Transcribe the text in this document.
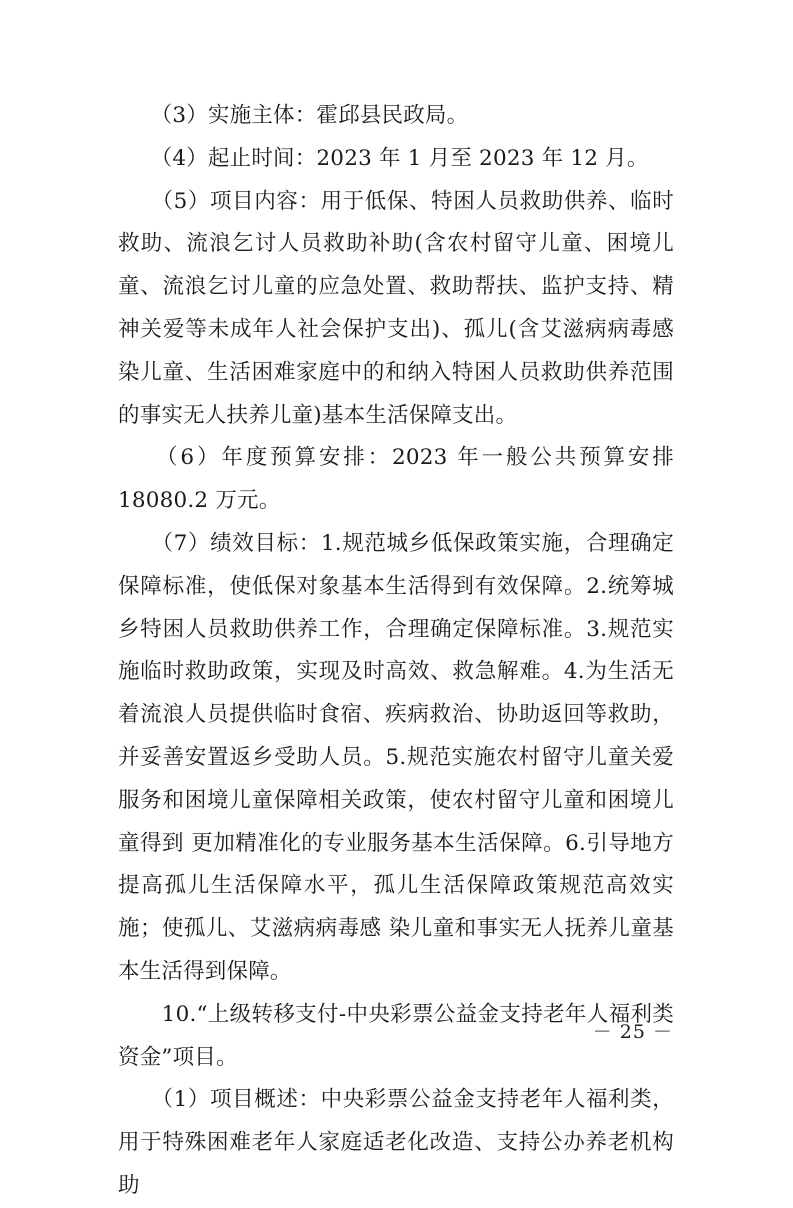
　　（3）实施主体：霍邱县民政局。

　　（4）起止时间：2023 年 1 月至 2023 年 12 月。

　　（5）项目内容：用于低保、特困人员救助供养、临时救助、流浪乞讨人员救助补助(含农村留守儿童、困境儿童、流浪乞讨儿童的应急处置、救助帮扶、监护支持、精神关爱等未成年人社会保护支出)、孤儿(含艾滋病病毒感染儿童、生活困难家庭中的和纳入特困人员救助供养范围的事实无人扶养儿童)基本生活保障支出。

　　（6）年度预算安排：2023 年一般公共预算安排 18080.2 万元。

　　（7）绩效目标：1.规范城乡低保政策实施，合理确定保障标准，使低保对象基本生活得到有效保障。2.统筹城乡特困人员救助供养工作，合理确定保障标准。3.规范实施临时救助政策，实现及时高效、救急解难。4.为生活无着流浪人员提供临时食宿、疾病救治、协助返回等救助，并妥善安置返乡受助人员。5.规范实施农村留守儿童关爱服务和困境儿童保障相关政策，使农村留守儿童和困境儿童得到 更加精准化的专业服务基本生活保障。6.引导地方提高孤儿生活保障水平，孤儿生活保障政策规范高效实施；使孤儿、艾滋病病毒感 染儿童和事实无人抚养儿童基本生活得到保障。

　　10.“上级转移支付-中央彩票公益金支持老年人福利类资金”项目。

　　（1）项目概述：中央彩票公益金支持老年人福利类，用于特殊困难老年人家庭适老化改造、支持公办养老机构助

－ 25 －
